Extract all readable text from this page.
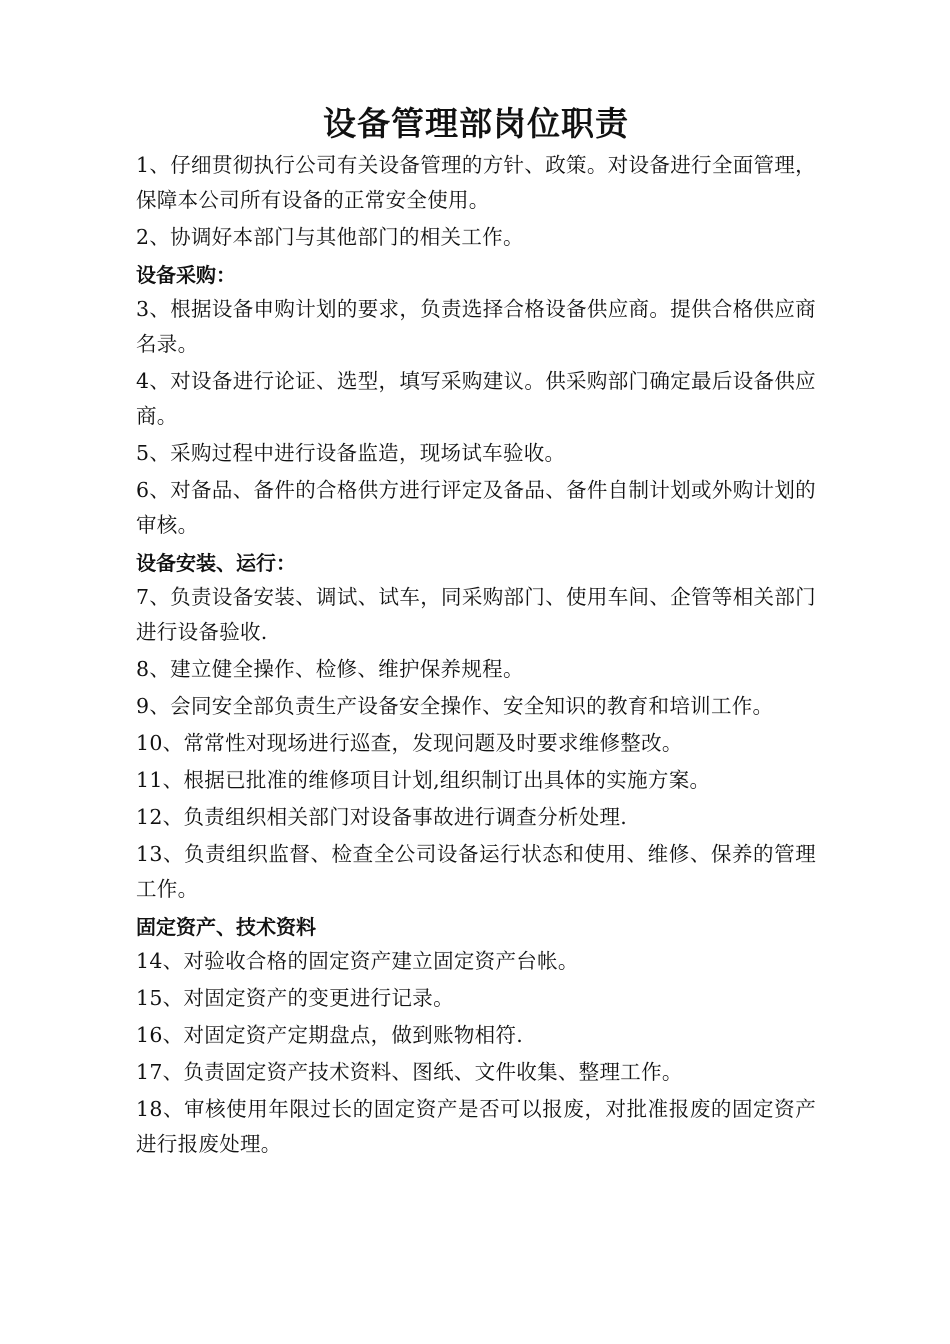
设备管理部岗位职责
1、仔细贯彻执行公司有关设备管理的方针、政策。对设备进行全面管理，保障本公司所有设备的正常安全使用。
2、协调好本部门与其他部门的相关工作。
设备采购：
3、根据设备申购计划的要求，负责选择合格设备供应商。提供合格供应商名录。
4、对设备进行论证、选型，填写采购建议。供采购部门确定最后设备供应商。
5、采购过程中进行设备监造，现场试车验收。
6、对备品、备件的合格供方进行评定及备品、备件自制计划或外购计划的审核。
设备安装、运行：
7、负责设备安装、调试、试车，同采购部门、使用车间、企管等相关部门进行设备验收.
8、建立健全操作、检修、维护保养规程。
9、会同安全部负责生产设备安全操作、安全知识的教育和培训工作。
10、常常性对现场进行巡查，发现问题及时要求维修整改。
11、根据已批准的维修项目计划,组织制订出具体的实施方案。
12、负责组织相关部门对设备事故进行调查分析处理.
13、负责组织监督、检查全公司设备运行状态和使用、维修、保养的管理工作。
固定资产、技术资料
14、对验收合格的固定资产建立固定资产台帐。
15、对固定资产的变更进行记录。
16、对固定资产定期盘点，做到账物相符.
17、负责固定资产技术资料、图纸、文件收集、整理工作。
18、审核使用年限过长的固定资产是否可以报废，对批准报废的固定资产进行报废处理。
